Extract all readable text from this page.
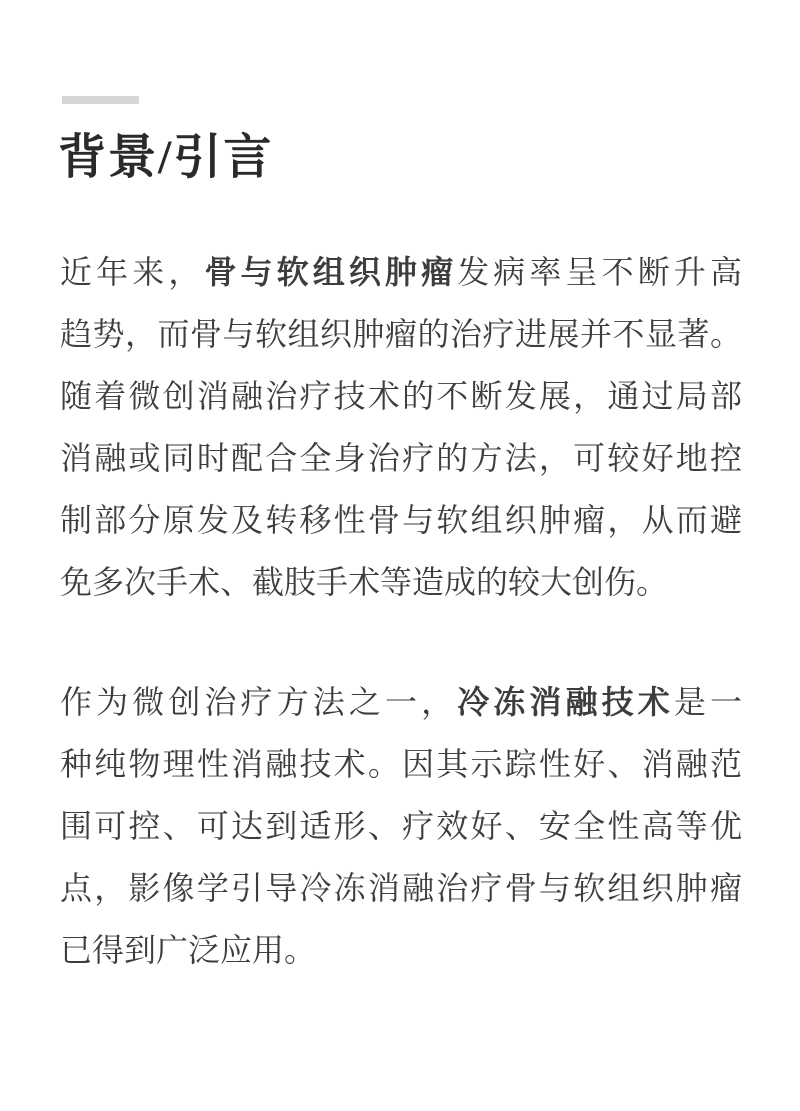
背景/引言
近年来，骨与软组织肿瘤发病率呈不断升高
趋势，而骨与软组织肿瘤的治疗进展并不显著。
随着微创消融治疗技术的不断发展，通过局部
消融或同时配合全身治疗的方法，可较好地控
制部分原发及转移性骨与软组织肿瘤，从而避
免多次手术、截肢手术等造成的较大创伤。
作为微创治疗方法之一，冷冻消融技术是一
种纯物理性消融技术。因其示踪性好、消融范
围可控、可达到适形、疗效好、安全性高等优
点，影像学引导冷冻消融治疗骨与软组织肿瘤
已得到广泛应用。
